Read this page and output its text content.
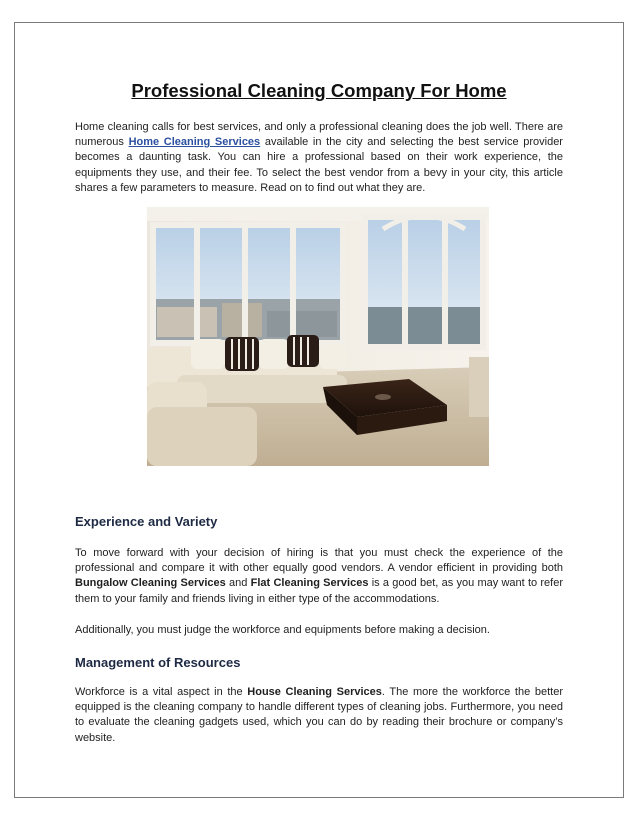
Professional Cleaning Company For Home

Home cleaning calls for best services, and only a professional cleaning does the job well. There are numerous Home Cleaning Services available in the city and selecting the best service provider becomes a daunting task. You can hire a professional based on their work experience, the equipments they use, and their fee. To select the best vendor from a bevy in your city, this article shares a few parameters to measure. Read on to find out what they are.

Experience and Variety

To move forward with your decision of hiring is that you must check the experience of the professional and compare it with other equally good vendors. A vendor efficient in providing both Bungalow Cleaning Services and Flat Cleaning Services is a good bet, as you may want to refer them to your family and friends living in either type of the accommodations.

Additionally, you must judge the workforce and equipments before making a decision.

Management of Resources

Workforce is a vital aspect in the House Cleaning Services. The more the workforce the better equipped is the cleaning company to handle different types of cleaning jobs. Furthermore, you need to evaluate the cleaning gadgets used, which you can do by reading their brochure or company’s website.
